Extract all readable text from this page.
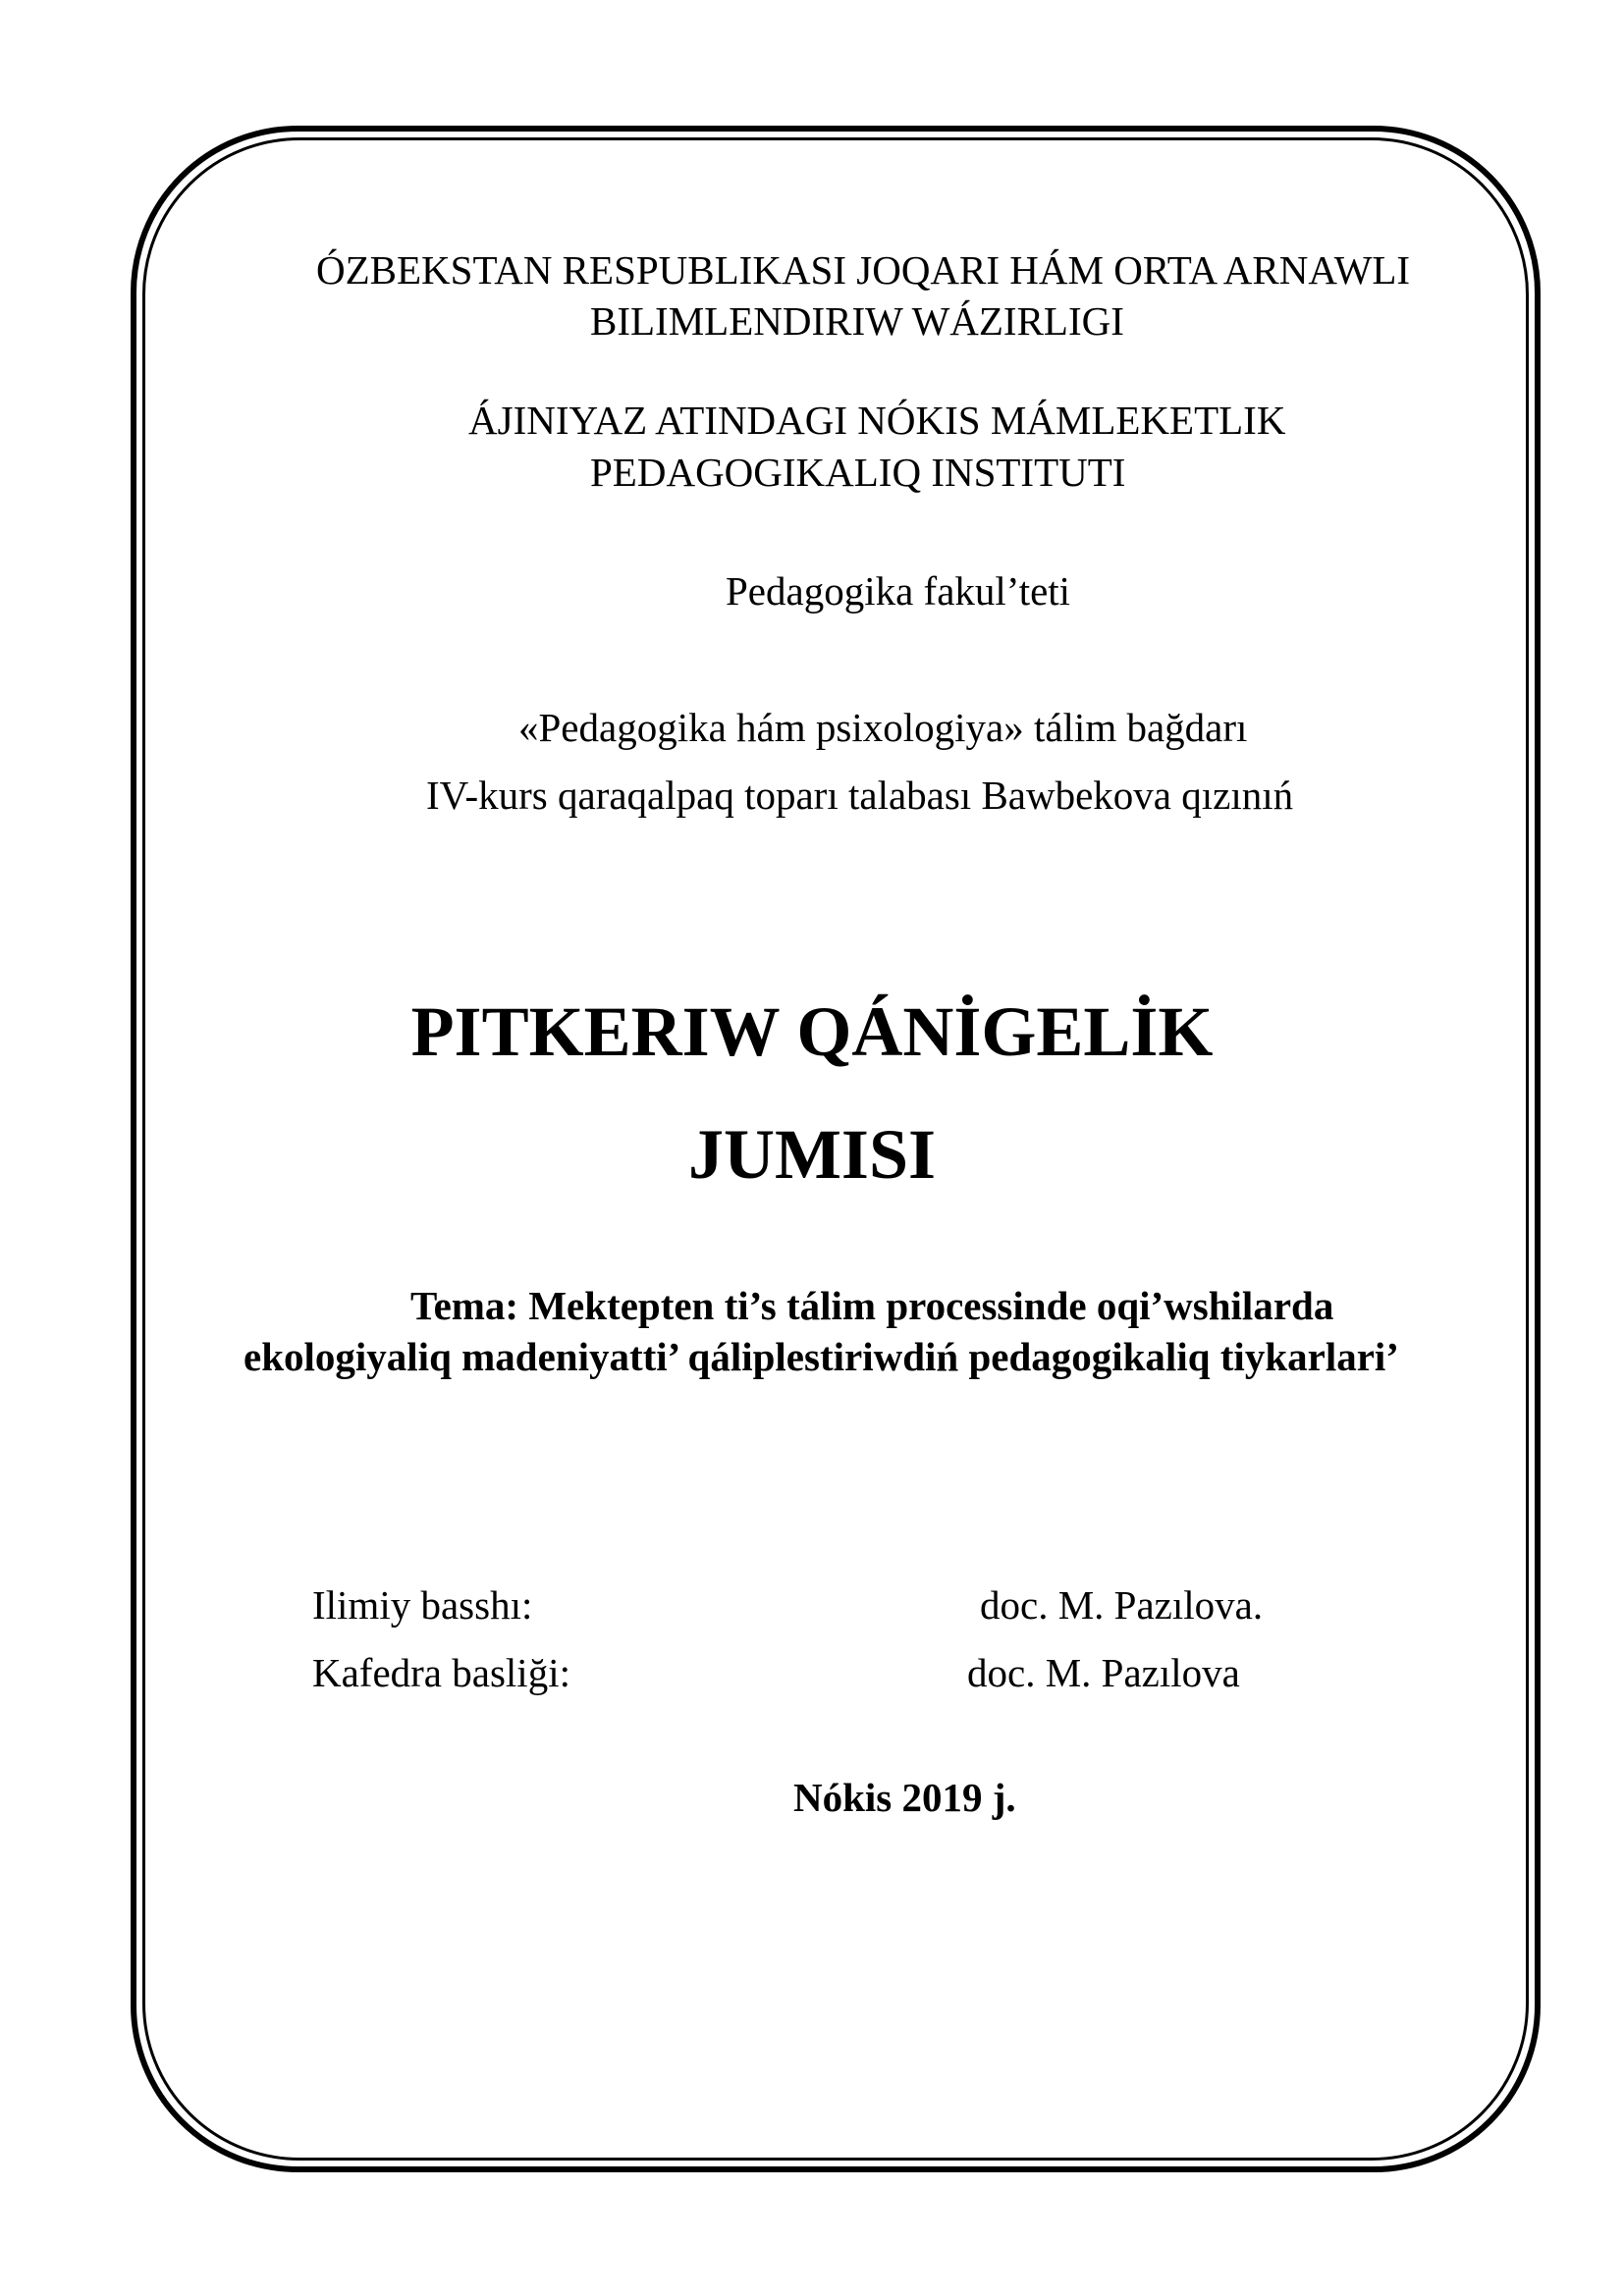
ÓZBEKSTAN RESPUBLIKASI JOQARI HÁM ORTA ARNAWLI
BILIMLENDIRIW WÁZIRLIGI
ÁJINIYAZ ATINDAGI NÓKIS MÁMLEKETLIK
PEDAGOGIKALIQ INSTITUTI
Pedagogika fakul’teti
«Pedagogika hám psixologiya» tálim bağdarı
IV-kurs qaraqalpaq toparı talabası Bawbekova qızınıń
PITKERIW QÁNİGELİK
JUMISI
Tema: Mektepten ti’s tálim processinde oqi’wshilarda
ekologiyaliq madeniyatti’ qáliplestiriwdiń pedagogikaliq tiykarlari’
Ilimiy basshı:	doc. M. Pazılova.
Kafedra basliği:	doc. M. Pazılova
Nókis 2019 j.
